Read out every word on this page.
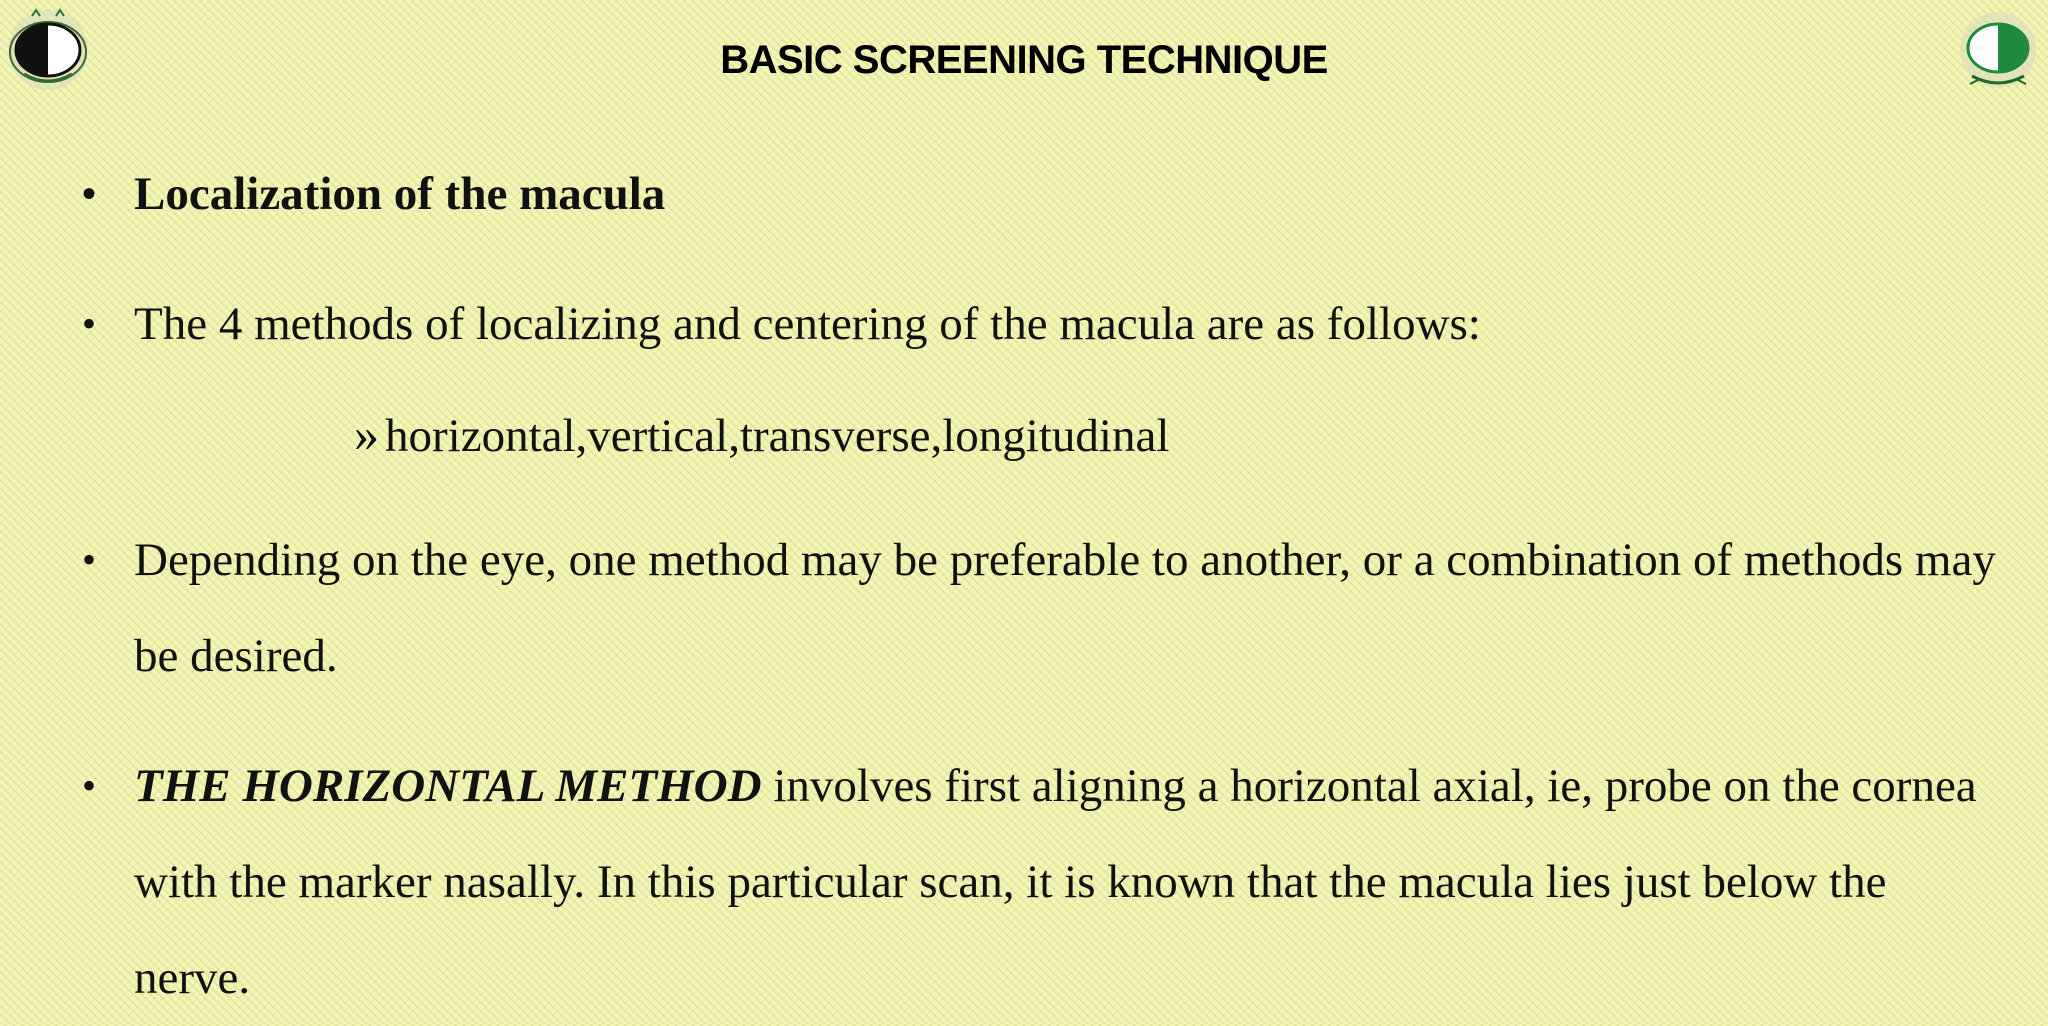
BASIC SCREENING TECHNIQUE
• Localization of the macula
• The 4 methods of localizing and centering of the macula are as follows:
» horizontal,vertical,transverse,longitudinal
• Depending on the eye, one method may be preferable to another, or a combination of methods may be desired.
• THE HORIZONTAL METHOD involves first aligning a horizontal axial, ie, probe on the cornea with the marker nasally. In this particular scan, it is known that the macula lies just below the nerve.
